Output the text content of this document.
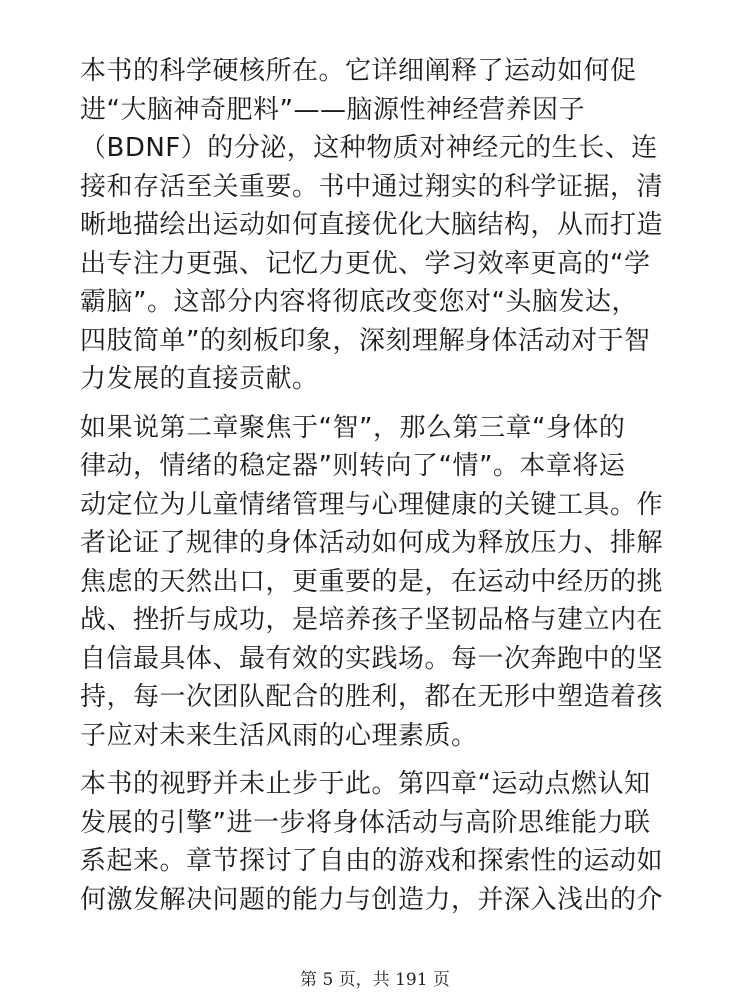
本书的科学硬核所在。它详细阐释了运动如何促
进“大脑神奇肥料”——脑源性神经营养因子
（BDNF）的分泌，这种物质对神经元的生长、连
接和存活至关重要。书中通过翔实的科学证据，清
晰地描绘出运动如何直接优化大脑结构，从而打造
出专注力更强、记忆力更优、学习效率更高的“学
霸脑”。这部分内容将彻底改变您对“头脑发达，
四肢简单”的刻板印象，深刻理解身体活动对于智
力发展的直接贡献。
如果说第二章聚焦于“智”，那么第三章“身体的
律动，情绪的稳定器”则转向了“情”。本章将运
动定位为儿童情绪管理与心理健康的关键工具。作
者论证了规律的身体活动如何成为释放压力、排解
焦虑的天然出口，更重要的是，在运动中经历的挑
战、挫折与成功，是培养孩子坚韧品格与建立内在
自信最具体、最有效的实践场。每一次奔跑中的坚
持，每一次团队配合的胜利，都在无形中塑造着孩
子应对未来生活风雨的心理素质。
本书的视野并未止步于此。第四章“运动点燃认知
发展的引擎”进一步将身体活动与高阶思维能力联
系起来。章节探讨了自由的游戏和探索性的运动如
何激发解决问题的能力与创造力，并深入浅出的介
第 5 页，共 191 页
